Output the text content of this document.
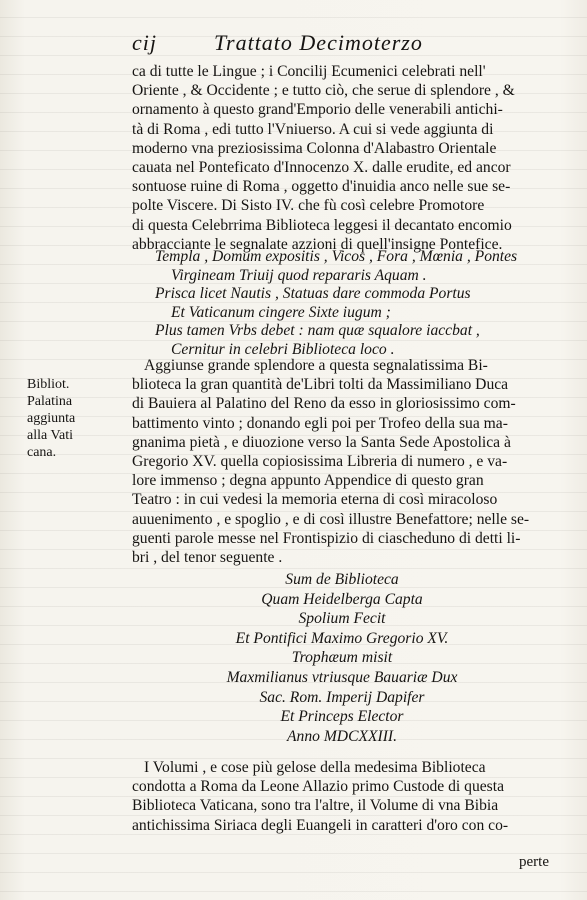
cij	Trattato Decimoterzo
ca di tutte le Lingue ; i Concilij Ecumenici celebrati nell'
Oriente , & Occidente ; e tutto ciò, che serue di splendore , &
ornamento à questo grand'Emporio delle venerabili antichi-
tà di Roma , edi tutto l'Vniuerso. A cui si vede aggiunta di
moderno vna preziosissima Colonna d'Alabastro Orientale
cauata nel Ponteficato d'Innocenzo X. dalle erudite, ed ancor
sontuose ruine di Roma , oggetto d'inuidia anco nelle sue se-
polte Viscere. Di Sisto IV. che fù così celebre Promotore
di questa Celebrrima Biblioteca leggesi il decantato encomio
abbracciante le segnalate azzioni di quell'insigne Pontefice.
Templa , Domum expositis , Vicos , Fora , Mœnia , Pontes
Virgineam Triuij quod repararis Aquam .
Prisca licet Nautis , Statuas dare commoda Portus
Et Vaticanum cingere Sixte iugum ;
Plus tamen Vrbs debet : nam quæ squalore iaccbat ,
Cernitur in celebri Biblioteca loco .
Bibliot.
Palatina
aggiunta
alla Vati
cana.
Aggiunse grande splendore a questa segnalatissima Bi-
blioteca la gran quantità de'Libri tolti da Massimiliano Duca
di Bauiera al Palatino del Reno da esso in gloriosissimo com-
battimento vinto ; donando egli poi per Trofeo della sua ma-
gnanima pietà , e diuozione verso la Santa Sede Apostolica à
Gregorio XV. quella copiosissima Libreria di numero , e va-
lore immenso ; degna appunto Appendice di questo gran
Teatro : in cui vedesi la memoria eterna di così miracoloso
auuenimento , e spoglio , e di così illustre Benefattore; nelle se-
guenti parole messe nel Frontispizio di ciascheduno di detti li-
bri , del tenor seguente .
Sum de Biblioteca
Quam Heidelberga Capta
Spolium Fecit
Et Pontifici Maximo Gregorio XV.
Trophæum misit
Maxmilianus vtriusque Bauariæ Dux
Sac. Rom. Imperij Dapifer
Et Princeps Elector
Anno MDCXXIII.
I Volumi , e cose più gelose della medesima Biblioteca
condotta a Roma da Leone Allazio primo Custode di questa
Biblioteca Vaticana, sono tra l'altre, il Volume di vna Bibia
antichissima Siriaca degli Euangeli in caratteri d'oro con co-
perte
